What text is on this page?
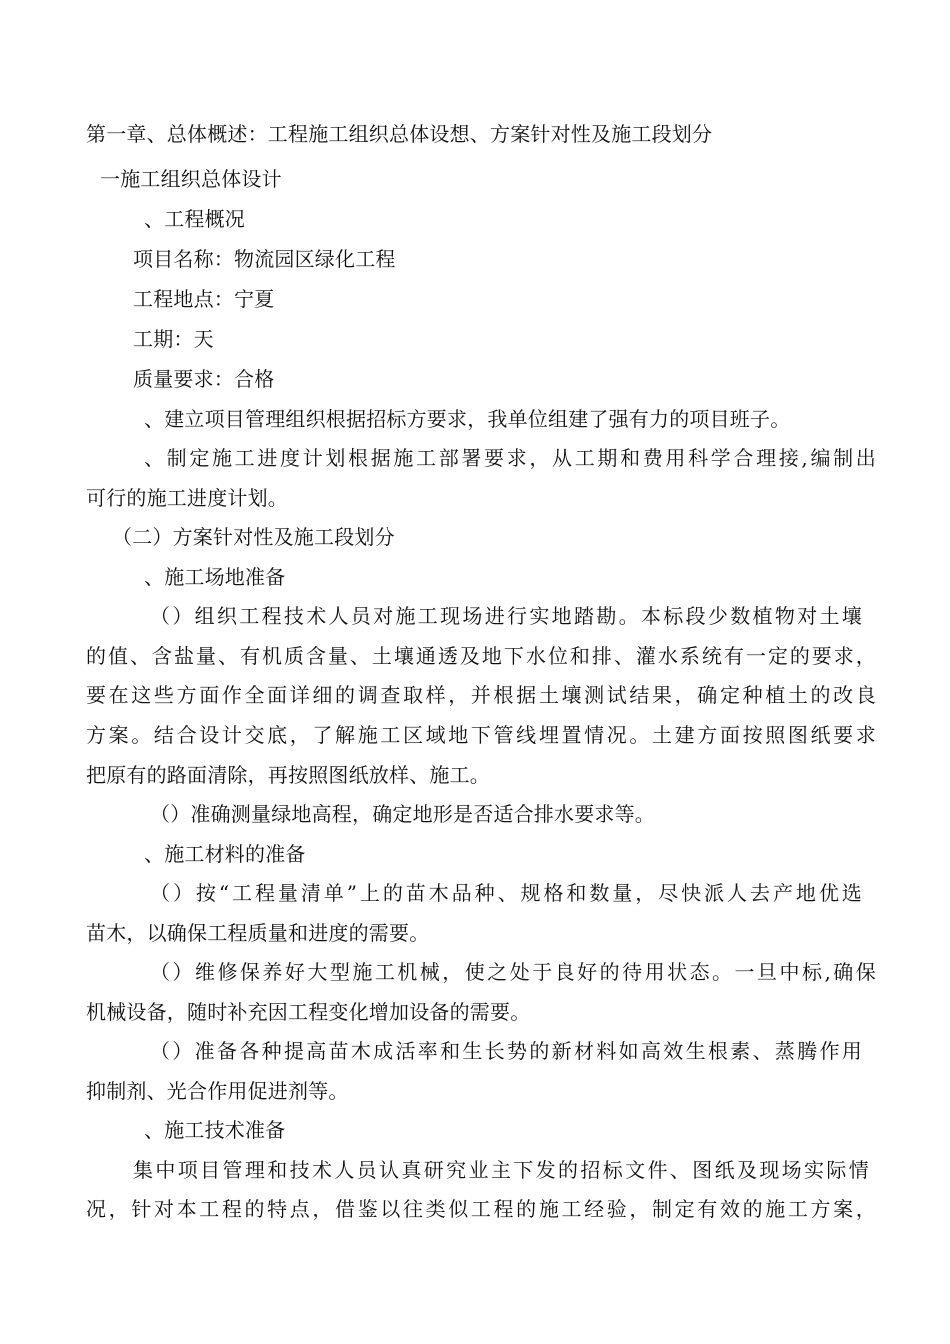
第一章、总体概述：工程施工组织总体设想、方案针对性及施工段划分
一施工组织总体设计
、工程概况
项目名称：物流园区绿化工程
工程地点：宁夏
工期：天
质量要求：合格
、建立项目管理组织根据招标方要求，我单位组建了强有力的项目班子。
、制定施工进度计划根据施工部署要求，从工期和费用科学合理接,编制出
可行的施工进度计划。
（二）方案针对性及施工段划分
、施工场地准备
（）组织工程技术人员对施工现场进行实地踏勘。本标段少数植物对土壤
的值、含盐量、有机质含量、土壤通透及地下水位和排、灌水系统有一定的要求，
要在这些方面作全面详细的调查取样，并根据土壤测试结果，确定种植土的改良
方案。结合设计交底，了解施工区域地下管线埋置情况。土建方面按照图纸要求
把原有的路面清除，再按照图纸放样、施工。
（）准确测量绿地高程，确定地形是否适合排水要求等。
、施工材料的准备
（）按“工程量清单”上的苗木品种、规格和数量，尽快派人去产地优选
苗木，以确保工程质量和进度的需要。
（）维修保养好大型施工机械，使之处于良好的待用状态。一旦中标,确保
机械设备，随时补充因工程变化增加设备的需要。
（）准备各种提高苗木成活率和生长势的新材料如高效生根素、蒸腾作用
抑制剂、光合作用促进剂等。
、施工技术准备
集中项目管理和技术人员认真研究业主下发的招标文件、图纸及现场实际情
况，针对本工程的特点，借鉴以往类似工程的施工经验，制定有效的施工方案，
